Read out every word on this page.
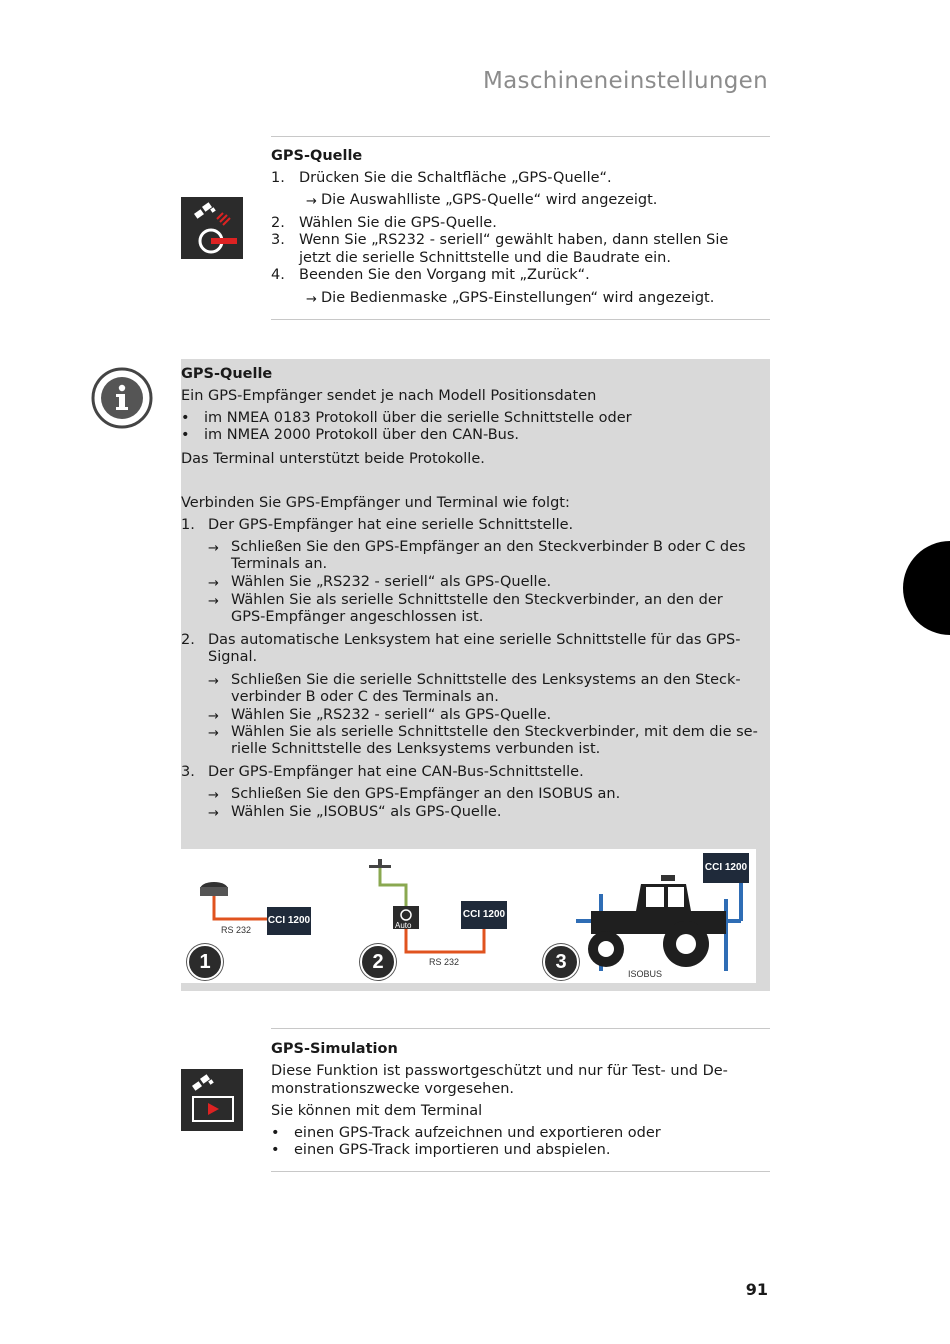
Maschineneinstellungen
GPS-Quelle
1. Drücken Sie die Schaltfläche „GPS-Quelle“.
→ Die Auswahlliste „GPS-Quelle“ wird angezeigt.
2. Wählen Sie die GPS-Quelle.
3. Wenn Sie „RS232 - seriell“ gewählt haben, dann stellen Sie
jetzt die serielle Schnittstelle und die Baudrate ein.
4. Beenden Sie den Vorgang mit „Zurück“.
→ Die Bedienmaske „GPS-Einstellungen“ wird angezeigt.
GPS-Quelle
Ein GPS-Empfänger sendet je nach Modell Positionsdaten
• im NMEA 0183 Protokoll über die serielle Schnittstelle oder
• im NMEA 2000 Protokoll über den CAN-Bus.
Das Terminal unterstützt beide Protokolle.
Verbinden Sie GPS-Empfänger und Terminal wie folgt:
1. Der GPS-Empfänger hat eine serielle Schnittstelle.
→ Schließen Sie den GPS-Empfänger an den Steckverbinder B oder C des
Terminals an.
→ Wählen Sie „RS232 - seriell“ als GPS-Quelle.
→ Wählen Sie als serielle Schnittstelle den Steckverbinder, an den der
GPS-Empfänger angeschlossen ist.
2. Das automatische Lenksystem hat eine serielle Schnittstelle für das GPS-
Signal.
→ Schließen Sie die serielle Schnittstelle des Lenksystems an den Steck-
verbinder B oder C des Terminals an.
→ Wählen Sie „RS232 - seriell“ als GPS-Quelle.
→ Wählen Sie als serielle Schnittstelle den Steckverbinder, mit dem die se-
rielle Schnittstelle des Lenksystems verbunden ist.
3. Der GPS-Empfänger hat eine CAN-Bus-Schnittstelle.
→ Schließen Sie den GPS-Empfänger an den ISOBUS an.
→ Wählen Sie „ISOBUS“ als GPS-Quelle.
CCI 1200
RS 232
1
Auto
CCI 1200
RS 232
2
CCI 1200
ISOBUS
3
GPS-Simulation
Diese Funktion ist passwortgeschützt und nur für Test- und De-
monstrationszwecke vorgesehen.
Sie können mit dem Terminal
• einen GPS-Track aufzeichnen und exportieren oder
• einen GPS-Track importieren und abspielen.
91
